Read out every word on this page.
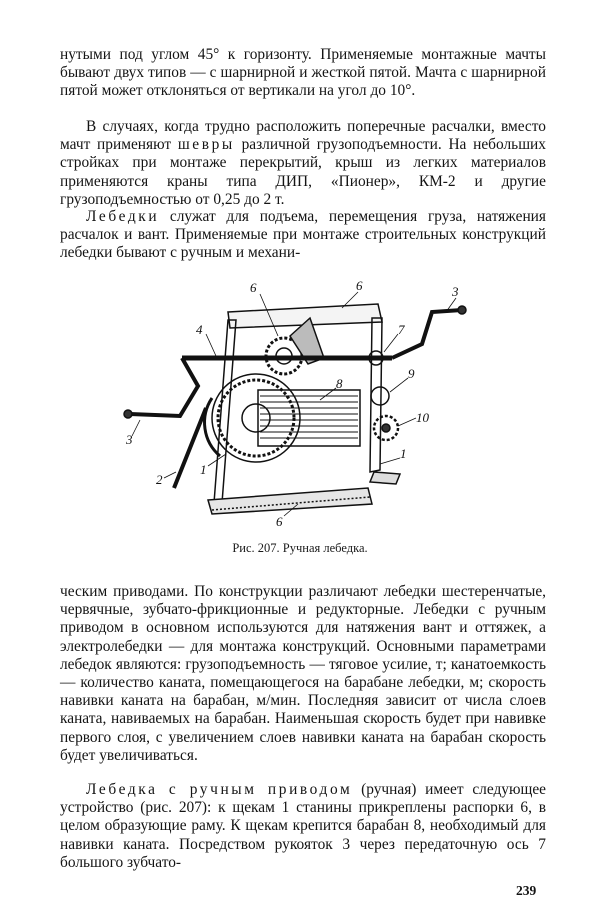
нутыми под углом 45° к горизонту. Применяемые монтажные мачты бывают двух типов — с шарнирной и жесткой пятой. Мачта с шарнирной пятой может отклоняться от вертикали на угол до 10°.

В случаях, когда трудно расположить поперечные расчалки, вместо мачт применяют шевры различной грузоподъемности. На небольших стройках при монтаже перекрытий, крыш из легких материалов применяются краны типа ДИП, «Пионер», КМ-2 и другие грузоподъемностью от 0,25 до 2 т.

Лебедки служат для подъема, перемещения груза, натяжения расчалок и вант. Применяемые при монтаже строительных конструкций лебедки бывают с ручным и механи-

6	6	3
4	7
8
9
10
3
1
1
2
6
Рис. 207. Ручная лебедка.

ческим приводами. По конструкции различают лебедки шестеренчатые, червячные, зубчато-фрикционные и редукторные. Лебедки с ручным приводом в основном используются для натяжения вант и оттяжек, а электролебедки — для монтажа конструкций. Основными параметрами лебедок являются: грузоподъемность — тяговое усилие, т; канатоемкость — количество каната, помещающегося на барабане лебедки, м; скорость навивки каната на барабан, м/мин. Последняя зависит от числа слоев каната, навиваемых на барабан. Наименьшая скорость будет при навивке первого слоя, с увеличением слоев навивки каната на барабан скорость будет увеличиваться.

Лебедка с ручным приводом (ручная) имеет следующее устройство (рис. 207): к щекам 1 станины прикреплены распорки 6, в целом образующие раму. К щекам крепится барабан 8, необходимый для навивки каната. Посредством рукояток 3 через передаточную ось 7 большого зубчато-

239
